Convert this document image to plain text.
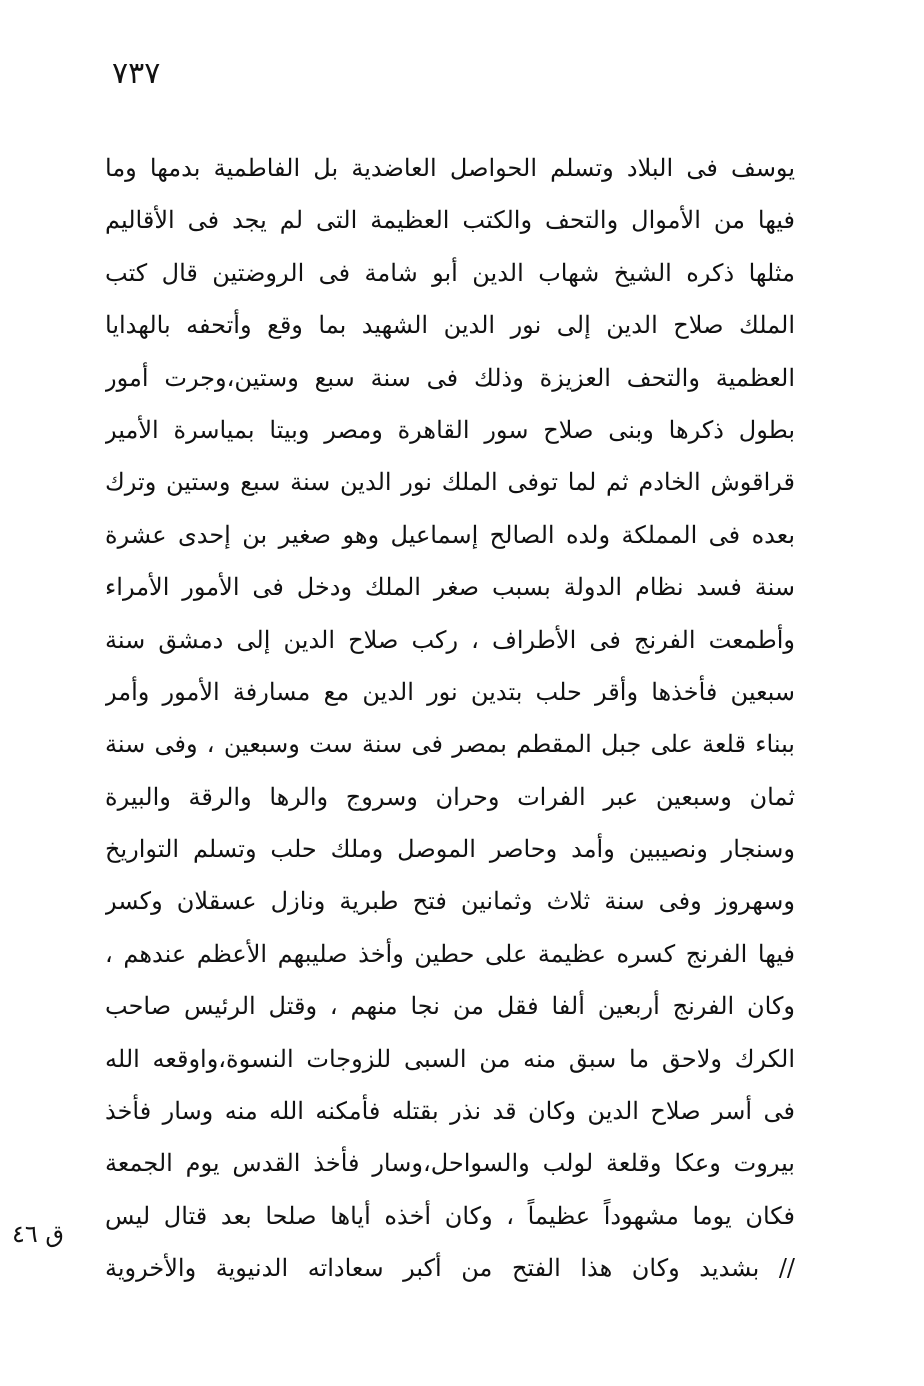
٧٣٧
يوسف فى البلاد وتسلم الحواصل العاضدية بل الفاطمية بدمها وما
فيها من الأموال والتحف والكتب العظيمة التى لم يجد فى الأقاليم
مثلها ذكره الشيخ شهاب الدين أبو شامة فى الروضتين قال كتب
الملك صلاح الدين إلى نور الدين الشهيد بما وقع وأتحفه بالهدايا
العظمية والتحف العزيزة وذلك فى سنة سبع وستين،وجرت أمور
بطول ذكرها وبنى صلاح سور القاهرة ومصر وبيتا بمياسرة الأمير
قراقوش الخادم ثم لما توفى الملك نور الدين سنة سبع وستين وترك
بعده فى المملكة ولده الصالح إسماعيل وهو صغير بن إحدى عشرة
سنة فسد نظام الدولة بسبب صغر الملك ودخل فى الأمور الأمراء
وأطمعت الفرنج فى الأطراف ، ركب صلاح الدين إلى دمشق سنة
سبعين فأخذها وأقر حلب بتدين نور الدين مع مسارفة الأمور وأمر
ببناء قلعة على جبل المقطم بمصر فى سنة ست وسبعين ، وفى سنة
ثمان وسبعين عبر الفرات وحران وسروج والرها والرقة والبيرة
وسنجار ونصيبين وأمد وحاصر الموصل وملك حلب وتسلم التواريخ
وسهروز وفى سنة ثلاث وثمانين فتح طبرية ونازل عسقلان وكسر
فيها الفرنج كسره عظيمة على حطين وأخذ صليبهم الأعظم عندهم ،
وكان الفرنج أربعين ألفا فقل من نجا منهم ، وقتل الرئيس صاحب
الكرك ولاحق ما سبق منه من السبى للزوجات النسوة،واوقعه الله
فى أسر صلاح الدين وكان قد نذر بقتله فأمكنه الله منه وسار فأخذ
بيروت وعكا وقلعة لولب والسواحل،وسار فأخذ القدس يوم الجمعة
فكان يوما مشهوداً عظيماً ، وكان أخذه أياها صلحا بعد قتال ليس
// بشديد وكان هذا الفتح من أكبر سعاداته الدنيوية والأخروية
ق ٤٦
